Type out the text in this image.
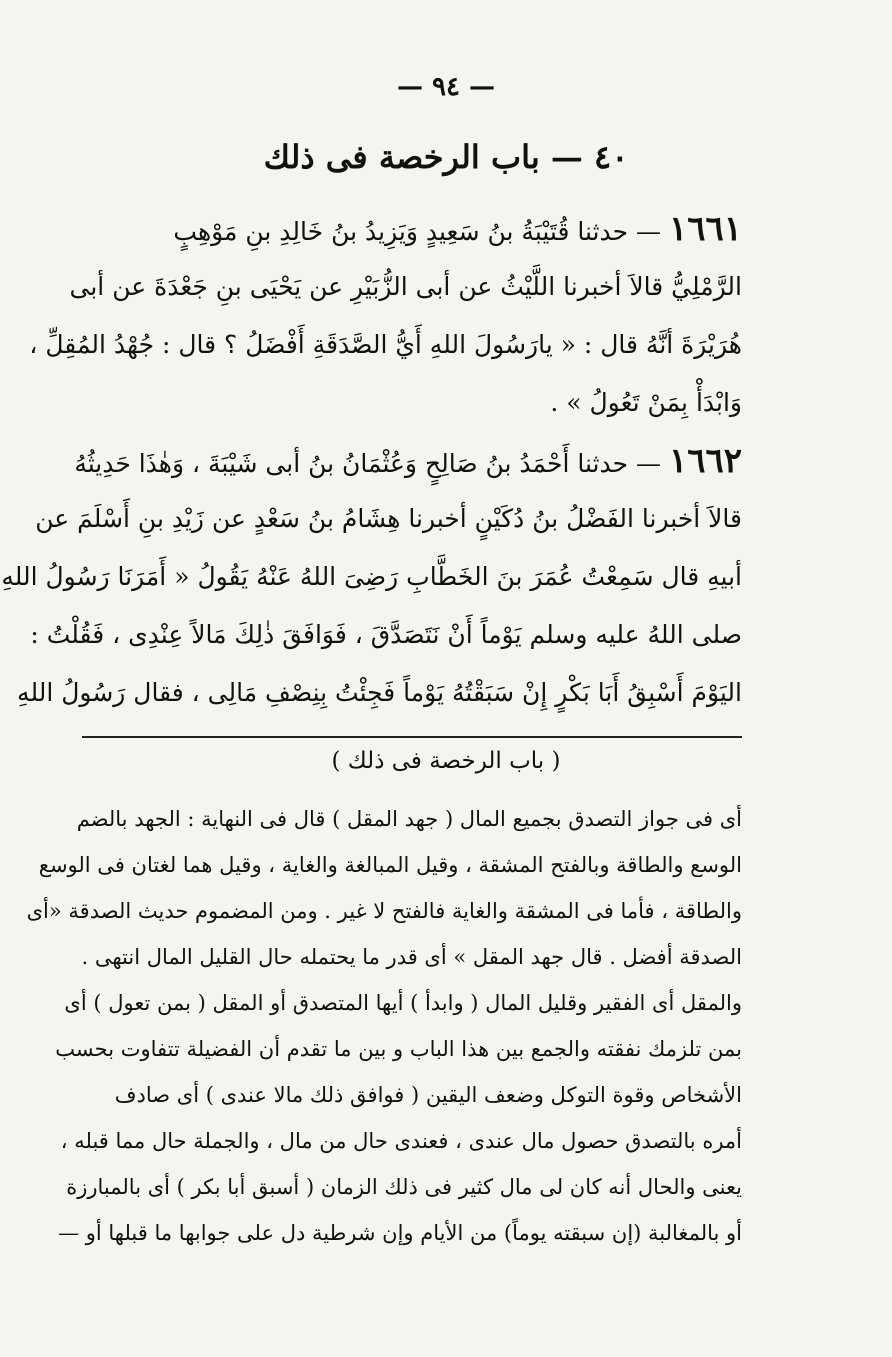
— ٩٤ —
٤٠ — باب الرخصة فى ذلك
١٦٦١ — حدثنا قُتَيْبَةُ بنُ سَعِيدٍ وَيَزِيدُ بنُ خَالِدِ بنِ مَوْهِبٍ
الرَّمْلِيُّ قالاَ أخبرنا اللَّيْثُ عن أبى الزُّبَيْرِ عن يَحْيَى بنِ جَعْدَةَ عن أبى
هُرَيْرَةَ أنَّهُ قال : « يارَسُولَ اللهِ أَيُّ الصَّدَقَةِ أَفْضَلُ ؟ قال : جُهْدُ المُقِلِّ ،
وَابْدَأْ بِمَنْ تَعُولُ » .
١٦٦٢ — حدثنا أَحْمَدُ بنُ صَالِحٍ وَعُثْمَانُ بنُ أبى شَيْبَةَ ، وَهٰذَا حَدِيثُهُ
قالاَ أخبرنا الفَضْلُ بنُ دُكَيْنٍ أخبرنا هِشَامُ بنُ سَعْدٍ عن زَيْدِ بنِ أَسْلَمَ عن
أبيهِ قال سَمِعْتُ عُمَرَ بنَ الخَطَّابِ رَضِىَ اللهُ عَنْهُ يَقُولُ « أَمَرَنَا رَسُولُ اللهِ
صلى اللهُ عليه وسلم يَوْماً أَنْ نَتَصَدَّقَ ، فَوَافَقَ ذٰلِكَ مَالاً عِنْدِى ، فَقُلْتُ :
اليَوْمَ أَسْبِقُ أَبَا بَكْرٍ إِنْ سَبَقْتُهُ يَوْماً فَجِئْتُ بِنِصْفِ مَالِى ، فقال رَسُولُ اللهِ
( باب الرخصة فى ذلك )
أى فى جواز التصدق بجميع المال ( جهد المقل ) قال فى النهاية : الجهد بالضم
الوسع والطاقة وبالفتح المشقة ، وقيل المبالغة والغاية ، وقيل هما لغتان فى الوسع
والطاقة ، فأما فى المشقة والغاية فالفتح لا غير . ومن المضموم حديث الصدقة «أى
الصدقة أفضل . قال جهد المقل » أى قدر ما يحتمله حال القليل المال انتهى .
والمقل أى الفقير وقليل المال ( وابدأ ) أيها المتصدق أو المقل ( بمن تعول ) أى
بمن تلزمك نفقته والجمع بين هذا الباب و بين ما تقدم أن الفضيلة تتفاوت بحسب
الأشخاص وقوة التوكل وضعف اليقين ( فوافق ذلك مالا عندى ) أى صادف
أمره بالتصدق حصول مال عندى ، فعندى حال من مال ، والجملة حال مما قبله ،
يعنى والحال أنه كان لى مال كثير فى ذلك الزمان ( أسبق أبا بكر ) أى بالمبارزة
أو بالمغالبة (إن سبقته يوماً) من الأيام وإن شرطية دل على جوابها ما قبلها أو —
